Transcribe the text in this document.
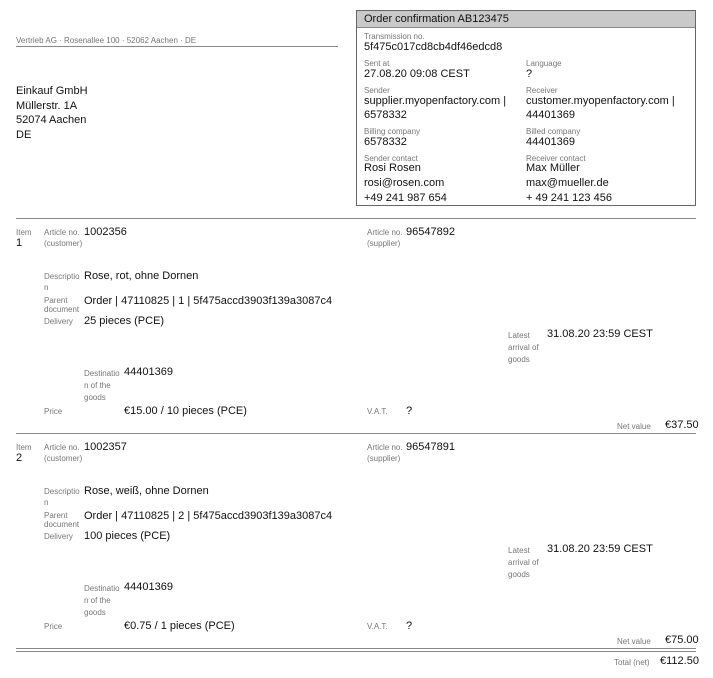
Vertrieb AG · Rosenallee 100 · 52062 Aachen · DE
Einkauf GmbH
Müllerstr. 1A
52074 Aachen
DE
Order confirmation AB123475
Transmission no.
5f475c017cd8cb4df46edcd8
Sent at
27.08.20 09:08 CEST
Language
?
Sender
supplier.myopenfactory.com |
6578332
Receiver
customer.myopenfactory.com |
44401369
Billing company
6578332
Billed company
44401369
Sender contact
Rosi Rosen
rosi@rosen.com
+49 241 987 654
Receiver contact
Max Müller
max@mueller.de
+ 49 241 123 456
Item
1
Article no.
(customer)
1002356	Article no.
(supplier)
96547892
Descriptio
n
Rose, rot, ohne Dornen
Parent
document
Order | 47110825 | 1 | 5f475accd3903f139a3087c4
Delivery 25 pieces (PCE)
Latest
arrival of
goods
31.08.20 23:59 CEST
Destinatio
n of the
goods
44401369
Price	€15.00 / 10 pieces (PCE)	V.A.T. ?
Net value €37.50
Item
2
Article no.
(customer)
1002357	Article no.
(supplier)
96547891
Descriptio
n
Rose, weiß, ohne Dornen
Parent
document
Order | 47110825 | 2 | 5f475accd3903f139a3087c4
Delivery 100 pieces (PCE)
Latest
arrival of
goods
31.08.20 23:59 CEST
Destinatio
n of the
goods
44401369
Price	€0.75 / 1 pieces (PCE)	V.A.T. ?
Net value €75.00
Total (net) €112.50
